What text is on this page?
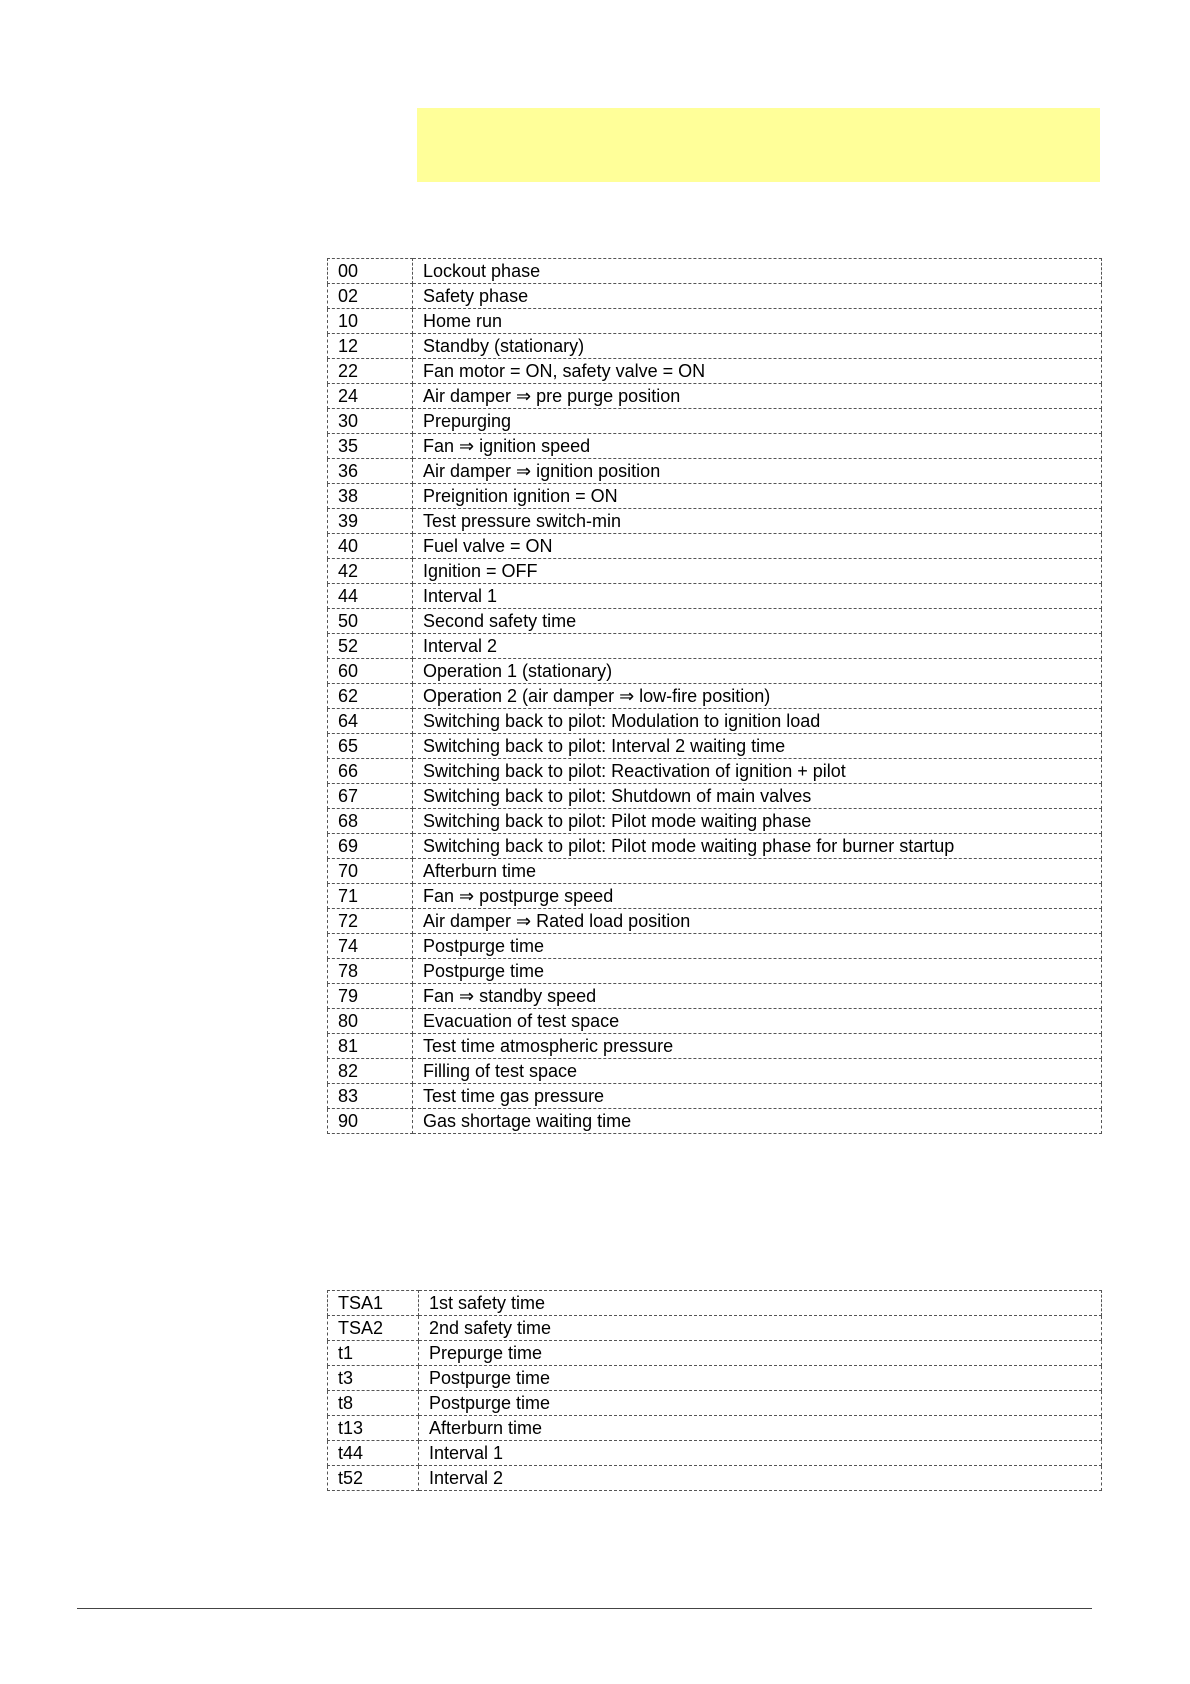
00	Lockout phase
02	Safety phase
10	Home run
12	Standby (stationary)
22	Fan motor = ON, safety valve = ON
24	Air damper ⇒ pre purge position
30	Prepurging
35	Fan ⇒ ignition speed
36	Air damper ⇒ ignition position
38	Preignition ignition = ON
39	Test pressure switch-min
40	Fuel valve = ON
42	Ignition = OFF
44	Interval 1
50	Second safety time
52	Interval 2
60	Operation 1 (stationary)
62	Operation 2 (air damper ⇒ low-fire position)
64	Switching back to pilot: Modulation to ignition load
65	Switching back to pilot: Interval 2 waiting time
66	Switching back to pilot: Reactivation of ignition + pilot
67	Switching back to pilot: Shutdown of main valves
68	Switching back to pilot: Pilot mode waiting phase
69	Switching back to pilot: Pilot mode waiting phase for burner startup
70	Afterburn time
71	Fan ⇒ postpurge speed
72	Air damper ⇒ Rated load position
74	Postpurge time
78	Postpurge time
79	Fan ⇒ standby speed
80	Evacuation of test space
81	Test time atmospheric pressure
82	Filling of test space
83	Test time gas pressure
90	Gas shortage waiting time
TSA1	1st safety time
TSA2	2nd safety time
t1	Prepurge time
t3	Postpurge time
t8	Postpurge time
t13	Afterburn time
t44	Interval 1
t52	Interval 2
